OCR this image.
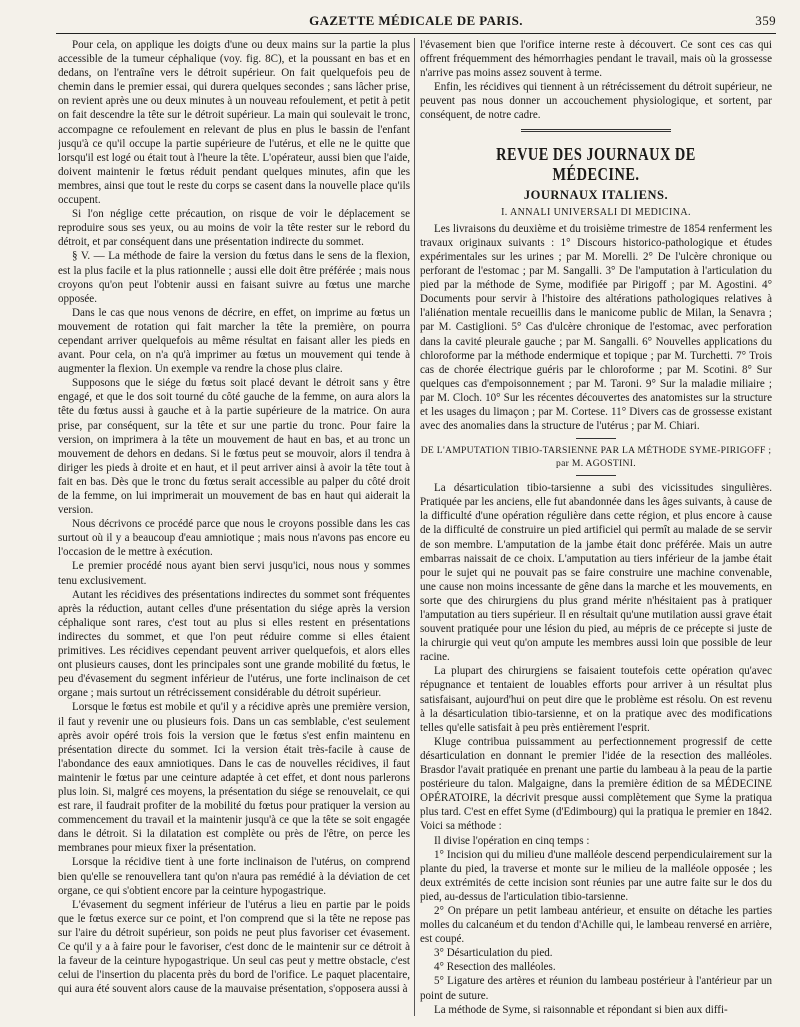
GAZETTE MÉDICALE DE PARIS.	359

Pour cela, on applique les doigts d'une ou deux mains sur la partie la plus accessible de la tumeur céphalique (voy. fig. 8C), et la poussant en bas et en dedans, on l'entraîne vers le détroit supérieur. On fait quelquefois peu de chemin dans le premier essai, qui durera quelques secondes ; sans lâcher prise, on revient après une ou deux minutes à un nouveau refoulement, et petit à petit on fait descendre la tête sur le détroit supérieur. La main qui soulevait le tronc, accompagne ce refoulement en relevant de plus en plus le bassin de l'enfant jusqu'à ce qu'il occupe la partie supérieure de l'utérus, et elle ne le quitte que lorsqu'il est logé ou était tout à l'heure la tête. L'opérateur, aussi bien que l'aide, doivent maintenir le fœtus réduit pendant quelques minutes, afin que les membres, ainsi que tout le reste du corps se casent dans la nouvelle place qu'ils occupent.

Si l'on néglige cette précaution, on risque de voir le déplacement se reproduire sous ses yeux, ou au moins de voir la tête rester sur le rebord du détroit, et par conséquent dans une présentation indirecte du sommet.

§ V. — La méthode de faire la version du fœtus dans le sens de la flexion, est la plus facile et la plus rationnelle ; aussi elle doit être préférée ; mais nous croyons qu'on peut l'obtenir aussi en faisant suivre au fœtus une marche opposée.

Dans le cas que nous venons de décrire, en effet, on imprime au fœtus un mouvement de rotation qui fait marcher la tête la première, on pourra cependant arriver quelquefois au même résultat en faisant aller les pieds en avant. Pour cela, on n'a qu'à imprimer au fœtus un mouvement qui tende à augmenter la flexion. Un exemple va rendre la chose plus claire.

Supposons que le siége du fœtus soit placé devant le détroit sans y être engagé, et que le dos soit tourné du côté gauche de la femme, on aura alors la tête du fœtus aussi à gauche et à la partie supérieure de la matrice. On aura prise, par conséquent, sur la tête et sur une partie du tronc. Pour faire la version, on imprimera à la tête un mouvement de haut en bas, et au tronc un mouvement de dehors en dedans. Si le fœtus peut se mouvoir, alors il tendra à diriger les pieds à droite et en haut, et il peut arriver ainsi à avoir la tête tout à fait en bas. Dès que le tronc du fœtus serait accessible au palper du côté droit de la femme, on lui imprimerait un mouvement de bas en haut qui aiderait la version.

Nous décrivons ce procédé parce que nous le croyons possible dans les cas surtout où il y a beaucoup d'eau amniotique ; mais nous n'avons pas encore eu l'occasion de le mettre à exécution.

Le premier procédé nous ayant bien servi jusqu'ici, nous nous y sommes tenu exclusivement.

Autant les récidives des présentations indirectes du sommet sont fréquentes après la réduction, autant celles d'une présentation du siége après la version céphalique sont rares, c'est tout au plus si elles restent en présentations indirectes du sommet, et que l'on peut réduire comme si elles étaient primitives. Les récidives cependant peuvent arriver quelquefois, et alors elles ont plusieurs causes, dont les principales sont une grande mobilité du fœtus, le peu d'évasement du segment inférieur de l'utérus, une forte inclinaison de cet organe ; mais surtout un rétrécissement considérable du détroit supérieur.

Lorsque le fœtus est mobile et qu'il y a récidive après une première version, il faut y revenir une ou plusieurs fois. Dans un cas semblable, c'est seulement après avoir opéré trois fois la version que le fœtus s'est enfin maintenu en présentation directe du sommet. Ici la version était très-facile à cause de l'abondance des eaux amniotiques. Dans le cas de nouvelles récidives, il faut maintenir le fœtus par une ceinture adaptée à cet effet, et dont nous parlerons plus loin. Si, malgré ces moyens, la présentation du siége se renouvelait, ce qui est rare, il faudrait profiter de la mobilité du fœtus pour pratiquer la version au commencement du travail et la maintenir jusqu'à ce que la tête se soit engagée dans le détroit. Si la dilatation est complète ou près de l'être, on perce les membranes pour mieux fixer la présentation.

Lorsque la récidive tient à une forte inclinaison de l'utérus, on comprend bien qu'elle se renouvellera tant qu'on n'aura pas remédié à la déviation de cet organe, ce qui s'obtient encore par la ceinture hypogastrique.

L'évasement du segment inférieur de l'utérus a lieu en partie par le poids que le fœtus exerce sur ce point, et l'on comprend que si la tête ne repose pas sur l'aire du détroit supérieur, son poids ne peut plus favoriser cet évasement. Ce qu'il y a à faire pour le favoriser, c'est donc de le maintenir sur ce détroit à la faveur de la ceinture hypogastrique. Un seul cas peut y mettre obstacle, c'est celui de l'insertion du placenta près du bord de l'orifice. Le paquet placentaire, qui aura été souvent alors cause de la mauvaise présentation, s'opposera aussi à

l'évasement bien que l'orifice interne reste à découvert. Ce sont ces cas qui offrent fréquemment des hémorrhagies pendant le travail, mais où la grossesse n'arrive pas moins assez souvent à terme.

Enfin, les récidives qui tiennent à un rétrécissement du détroit supérieur, ne peuvent pas nous donner un accouchement physiologique, et sortent, par conséquent, de notre cadre.

REVUE DES JOURNAUX DE MÉDECINE.
JOURNAUX ITALIENS.
I. ANNALI UNIVERSALI DI MEDICINA.

Les livraisons du deuxième et du troisième trimestre de 1854 renferment les travaux originaux suivants : 1° Discours historico-pathologique et études expérimentales sur les urines ; par M. Morelli. 2° De l'ulcère chronique ou perforant de l'estomac ; par M. Sangalli. 3° De l'amputation à l'articulation du pied par la méthode de Syme, modifiée par Pirigoff ; par M. Agostini. 4° Documents pour servir à l'histoire des altérations pathologiques relatives à l'aliénation mentale recueillis dans le manicome public de Milan, la Senavra ; par M. Castiglioni. 5° Cas d'ulcère chronique de l'estomac, avec perforation dans la cavité pleurale gauche ; par M. Sangalli. 6° Nouvelles applications du chloroforme par la méthode endermique et topique ; par M. Turchetti. 7° Trois cas de chorée électrique guéris par le chloroforme ; par M. Scotini. 8° Sur quelques cas d'empoisonnement ; par M. Taroni. 9° Sur la maladie miliaire ; par M. Cloch. 10° Sur les récentes découvertes des anatomistes sur la structure et les usages du limaçon ; par M. Cortese. 11° Divers cas de grossesse existant avec des anomalies dans la structure de l'utérus ; par M. Chiari.

DE L'AMPUTATION TIBIO-TARSIENNE PAR LA MÉTHODE SYME-PIRIGOFF ; par M. AGOSTINI.

La désarticulation tibio-tarsienne a subi des vicissitudes singulières. Pratiquée par les anciens, elle fut abandonnée dans les âges suivants, à cause de la difficulté d'une opération régulière dans cette région, et plus encore à cause de la difficulté de construire un pied artificiel qui permît au malade de se servir de son membre. L'amputation de la jambe était donc préférée. Mais un autre embarras naissait de ce choix. L'amputation au tiers inférieur de la jambe était pour le sujet qui ne pouvait pas se faire construire une machine convenable, une cause non moins incessante de gêne dans la marche et les mouvements, en sorte que des chirurgiens du plus grand mérite n'hésitaient pas à pratiquer l'amputation au tiers supérieur. Il en résultait qu'une mutilation aussi grave était souvent pratiquée pour une lésion du pied, au mépris de ce précepte si juste de la chirurgie qui veut qu'on ampute les membres aussi loin que possible de leur racine.

La plupart des chirurgiens se faisaient toutefois cette opération qu'avec répugnance et tentaient de louables efforts pour arriver à un résultat plus satisfaisant, aujourd'hui on peut dire que le problème est résolu. On est revenu à la désarticulation tibio-tarsienne, et on la pratique avec des modifications telles qu'elle satisfait à peu près entièrement l'esprit.

Kluge contribua puissamment au perfectionnement progressif de cette désarticulation en donnant le premier l'idée de la resection des malléoles. Brasdor l'avait pratiquée en prenant une partie du lambeau à la peau de la partie postérieure du talon. Malgaigne, dans la première édition de sa MÉDECINE OPÉRATOIRE, la décrivit presque aussi complètement que Syme la pratiqua plus tard. C'est en effet Syme (d'Edimbourg) qui la pratiqua le premier en 1842. Voici sa méthode :

Il divise l'opération en cinq temps :

1° Incision qui du milieu d'une malléole descend perpendiculairement sur la plante du pied, la traverse et monte sur le milieu de la malléole opposée ; les deux extrémités de cette incision sont réunies par une autre faite sur le dos du pied, au-dessus de l'articulation tibio-tarsienne.

2° On prépare un petit lambeau antérieur, et ensuite on détache les parties molles du calcanéum et du tendon d'Achille qui, le lambeau renversé en arrière, est coupé.

3° Désarticulation du pied.

4° Resection des malléoles.

5° Ligature des artères et réunion du lambeau postérieur à l'antérieur par un point de suture.

La méthode de Syme, si raisonnable et répondant si bien aux diffi-
